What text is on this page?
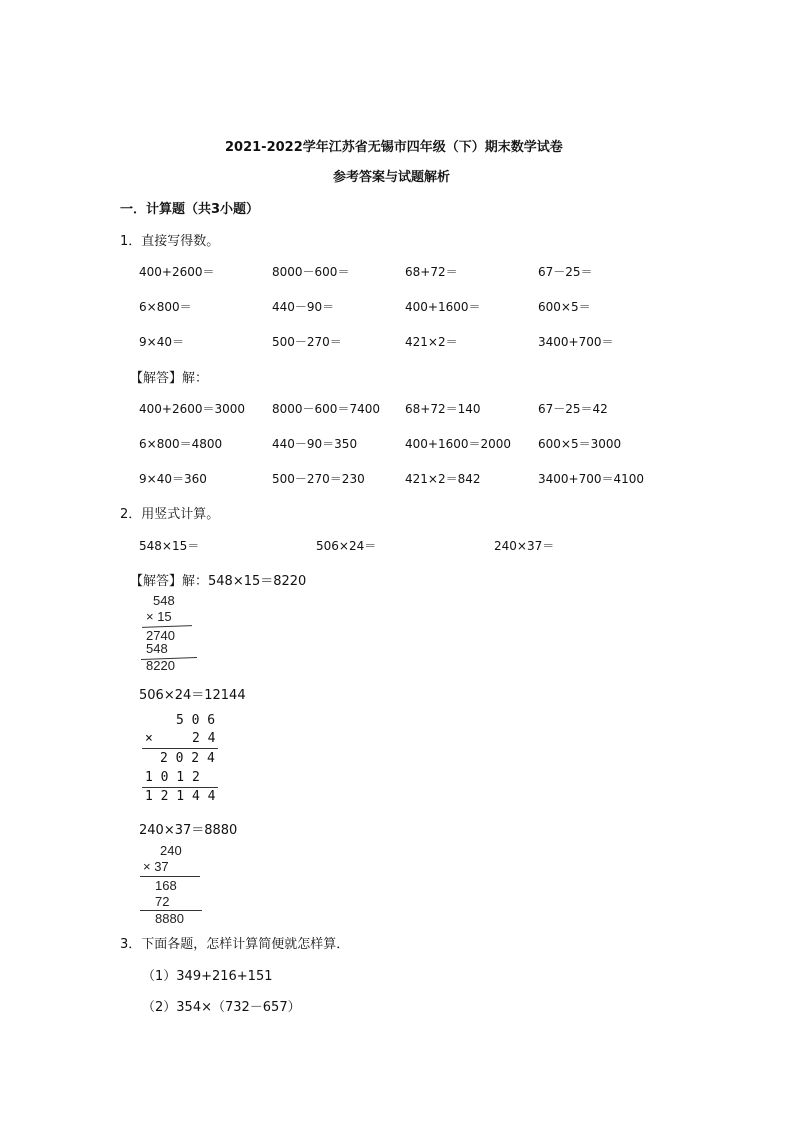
2021-2022学年江苏省无锡市四年级（下）期末数学试卷
参考答案与试题解析
一．计算题（共3小题）
1．直接写得数。
400+2600＝	8000－600＝	68+72＝	67－25＝
6×800＝	440－90＝	400+1600＝	600×5＝
9×40＝	500－270＝	421×2＝	3400+700＝
【解答】解：
400+2600＝3000 8000－600＝7400 68+72＝140	67－25＝42
6×800＝4800	440－90＝350	400+1600＝2000 600×5＝3000
9×40＝360	500－270＝230	421×2＝842	3400+700＝4100
2．用竖式计算。
548×15＝	506×24＝	240×37＝
【解答】解：548×15＝8220
548
× 15
2740
548
8220
506×24＝12144
5 0 6
×	2 4
2 0 2 4
1 0 1 2
1 2 1 4 4
240×37＝8880
240
× 37
168
72
8880
3．下面各题，怎样计算简便就怎样算．
（1）349+216+151
（2）354×（732－657）
